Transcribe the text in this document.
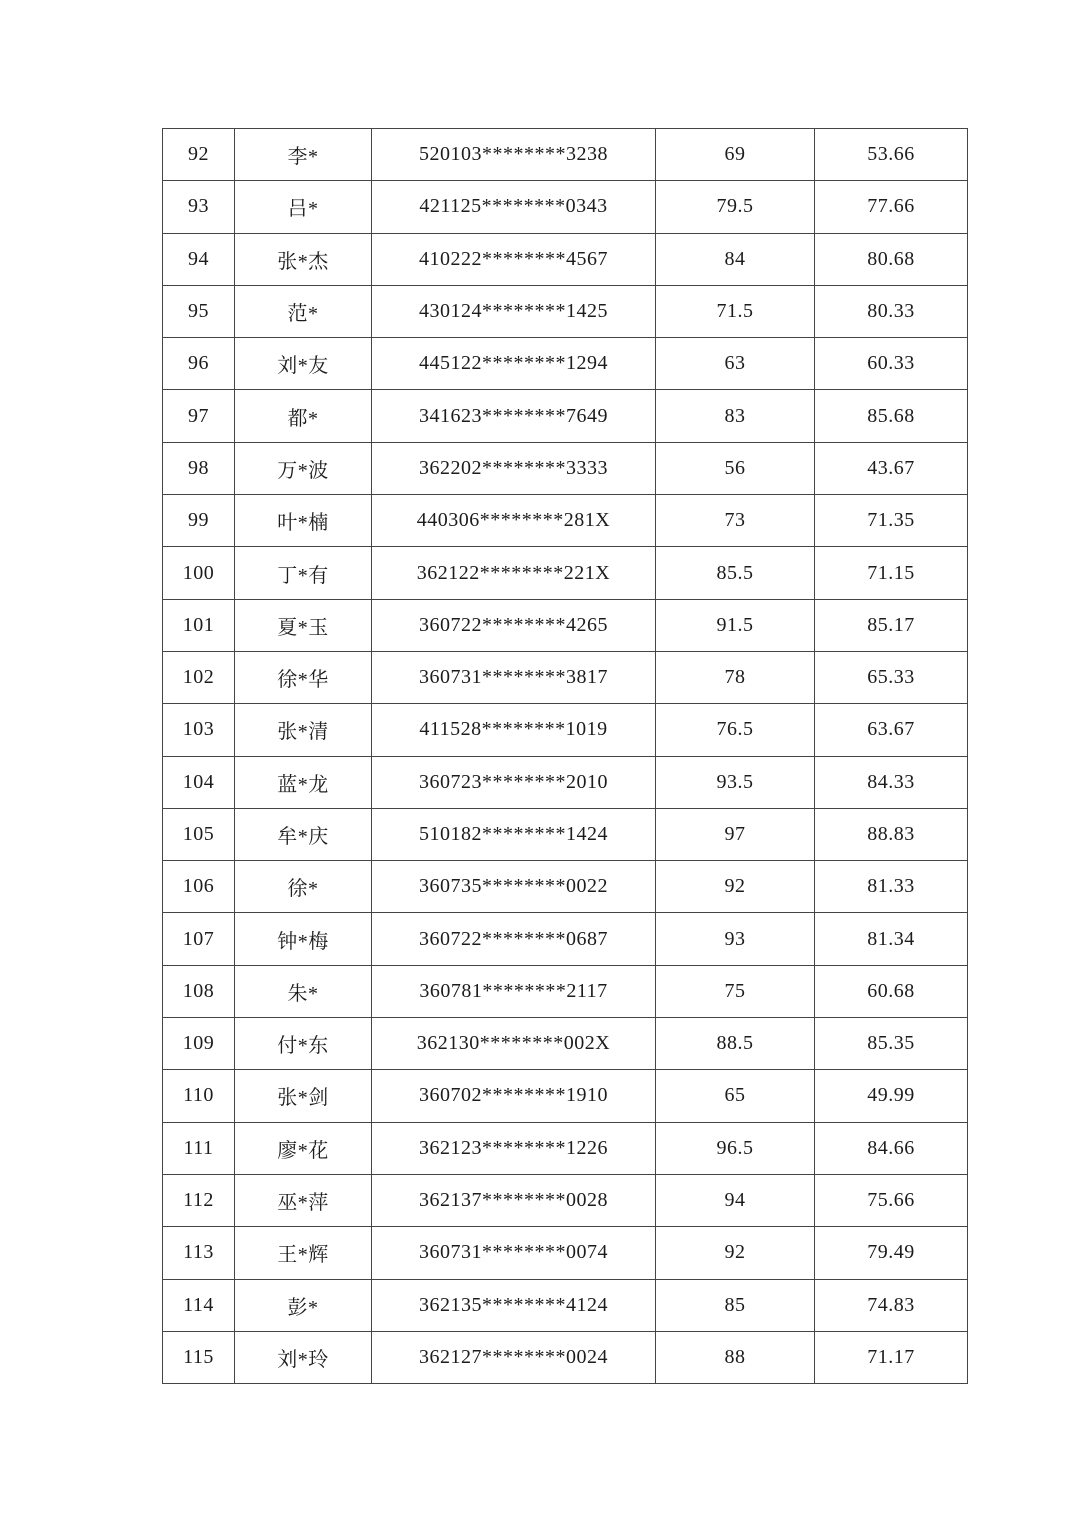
92	李*	520103********3238	69	53.66
93	吕*	421125********0343	79.5	77.66
94	张*杰	410222********4567	84	80.68
95	范*	430124********1425	71.5	80.33
96	刘*友	445122********1294	63	60.33
97	都*	341623********7649	83	85.68
98	万*波	362202********3333	56	43.67
99	叶*楠	440306********281X	73	71.35
100	丁*有	362122********221X	85.5	71.15
101	夏*玉	360722********4265	91.5	85.17
102	徐*华	360731********3817	78	65.33
103	张*清	411528********1019	76.5	63.67
104	蓝*龙	360723********2010	93.5	84.33
105	牟*庆	510182********1424	97	88.83
106	徐*	360735********0022	92	81.33
107	钟*梅	360722********0687	93	81.34
108	朱*	360781********2117	75	60.68
109	付*东	362130********002X	88.5	85.35
110	张*剑	360702********1910	65	49.99
111	廖*花	362123********1226	96.5	84.66
112	巫*萍	362137********0028	94	75.66
113	王*辉	360731********0074	92	79.49
114	彭*	362135********4124	85	74.83
115	刘*玲	362127********0024	88	71.17
